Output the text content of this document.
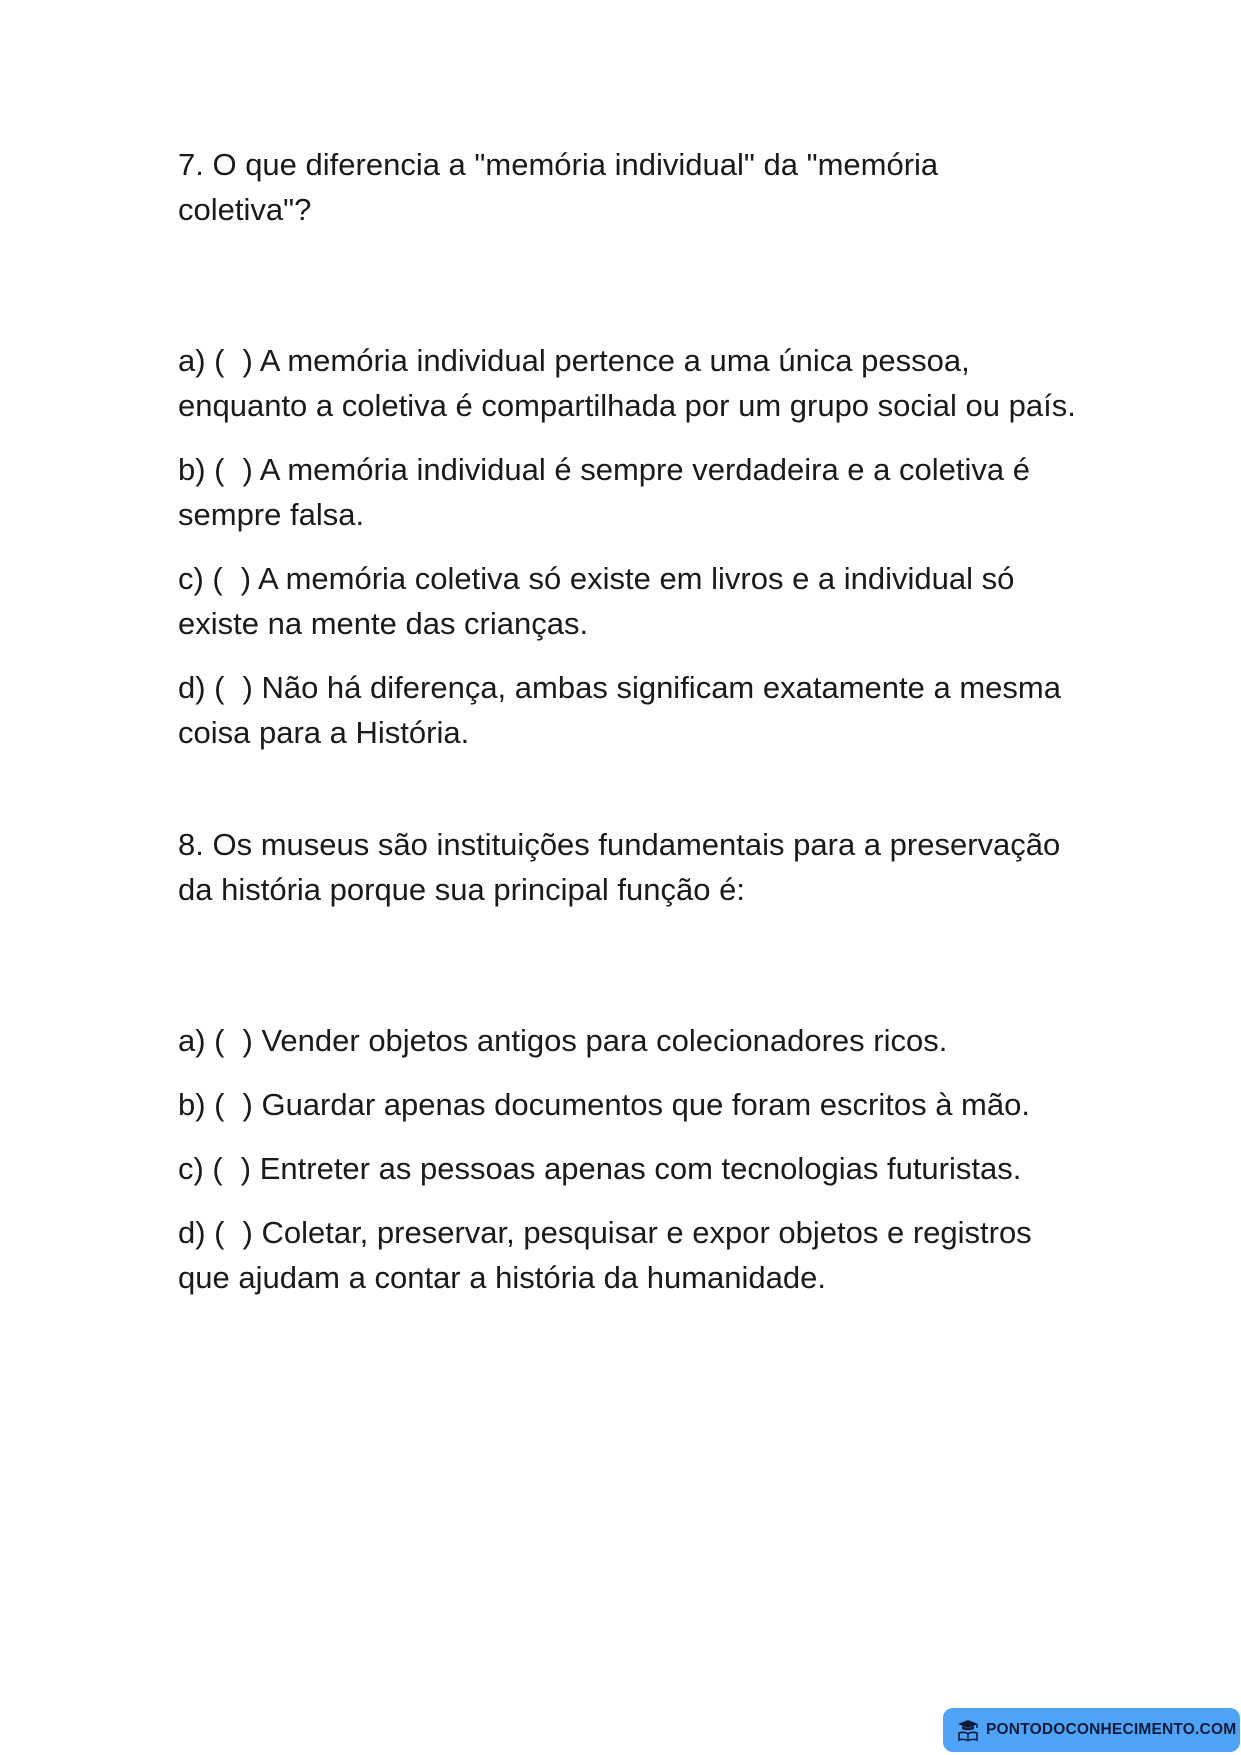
7. O que diferencia a "memória individual" da "memória coletiva"?

a) ( ) A memória individual pertence a uma única pessoa, enquanto a coletiva é compartilhada por um grupo social ou país.

b) ( ) A memória individual é sempre verdadeira e a coletiva é sempre falsa.

c) ( ) A memória coletiva só existe em livros e a individual só existe na mente das crianças.

d) ( ) Não há diferença, ambas significam exatamente a mesma coisa para a História.

8. Os museus são instituições fundamentais para a preservação da história porque sua principal função é:

a) ( ) Vender objetos antigos para colecionadores ricos.

b) ( ) Guardar apenas documentos que foram escritos à mão.

c) ( ) Entreter as pessoas apenas com tecnologias futuristas.

d) ( ) Coletar, preservar, pesquisar e expor objetos e registros que ajudam a contar a história da humanidade.

PONTODOCONHECIMENTO.COM
